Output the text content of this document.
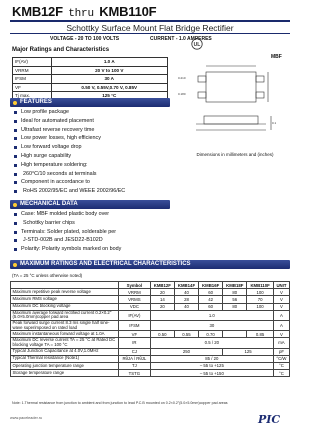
KMB12F thru KMB110F
Schottky Surface Mount Flat Bridge Rectifier
VOLTAGE - 20 TO 100 VOLTS	CURRENT - 1.0 AMPERES
UL
Major Ratings and Characteristics
IF(AV)	1.0 A
VRRM	20 V to 100 V
IFSM	30 A
VF	0.50 V, 0.55V,0.70 V, 0.85V
Tj max.	125 °C
MBF
0.210
0.180
0.1
Dimensions in millimeters and (inches)
FEATURES
Low profile package
Ideal for automated placement
Ultrafast reverse recovery time
Low power losses, high efficiency
Low forward voltage drop
High surge capability
High temperature soldering:
260°C/10 seconds at terminals
Component in accordance to
RoHS 2002/95/EC and WEEE 2002/96/EC
MECHANICAL DATA
Case: MBF molded plastic body over
Schottky barrier chips
Terminals: Solder plated, solderable per
J-STD-002B and JESD22-B102D
Polarity: Polarity symbols marked on body
MAXIMUM RATINGS AND ELECTRICAL CHARACTERISTICS
(TA = 25 °C unless otherwise noted)
	Symbol	KMB12F	KMB14F	KMB16F	KMB18F	KMB110F	UNIT
Maximum repetitive peak reverse voltage	VRRM	20	40	60	80	100	V
Maximum RMS voltage	VRMS	14	28	42	56	70	V
Maximum DC blocking voltage	VDC	20	40	60	80	100	V
Maximum average forward rectified current 0.2×0.2"(5.0×5.0mm)copper pad area	IF(AV)	1.0					A
Peak forward surge current 8.3 ms single half sine-wave superimposed on rated load	IFSM	30					A
Maximum instantaneous forward voltage at 1.0A	VF	0.50	0.55	0.70		0.85	V
Maximum DC reverse current TA = 25 °C at Rated DC blocking voltage TA = 100 °C	IR	0.5 / 20					mA
Typical Junction Capacitance at 4.0V,1.0MHz	CJ	250			125		pF
Typical Thermal resistance (Note1)	RθJA / RθJL	85 / 20					°C/W
Operating junction temperature range	TJ	– 55 to +125					°C
Storage temperature range	TSTG	– 55 to +150					°C
Note: 1.Thermal resistance from junction to ambient and from junction to lead P.C.B mounted on 0.2×0.2"(5.0×5.0mm)copper pad areas
www.paceleader.ru	PIC
